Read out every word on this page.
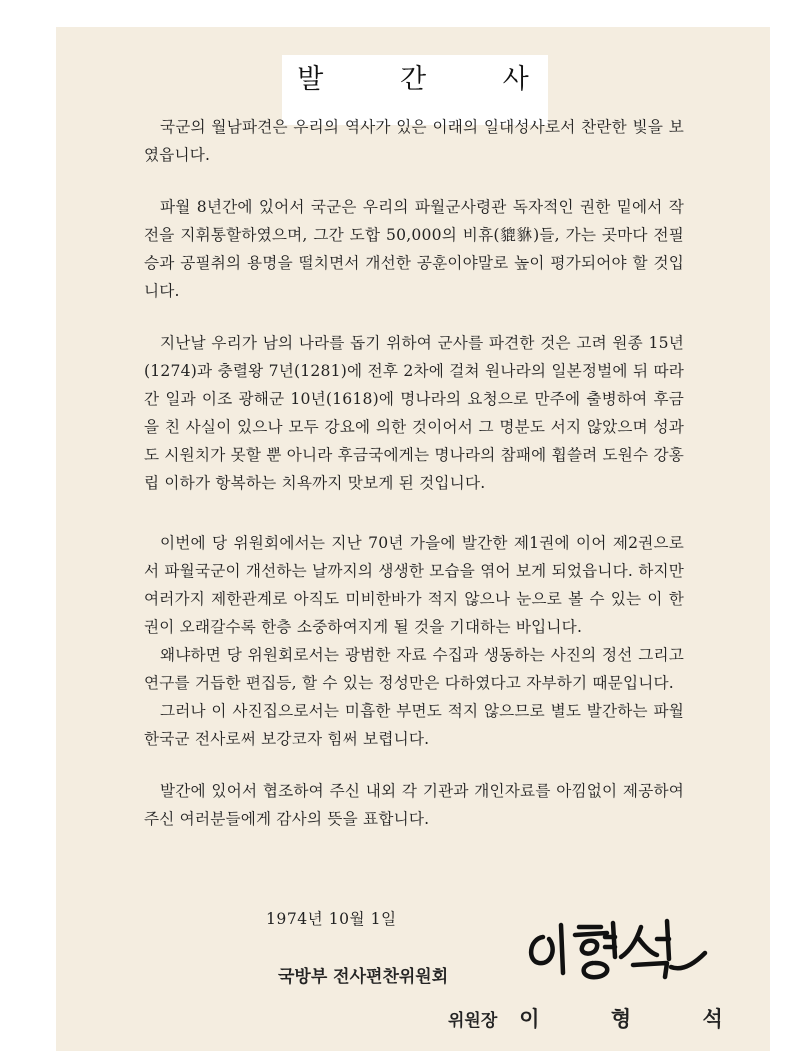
발 간 사

국군의 월남파견은 우리의 역사가 있은 이래의 일대성사로서 찬란한 빛을 보였읍니다.

파월 8년간에 있어서 국군은 우리의 파월군사령관 독자적인 권한 밑에서 작전을 지휘통할하였으며, 그간 도합 50,000의 비휴(貔貅)들, 가는 곳마다 전필승과 공필취의 용명을 떨치면서 개선한 공훈이야말로 높이 평가되어야 할 것입니다.

지난날 우리가 남의 나라를 돕기 위하여 군사를 파견한 것은 고려 원종 15년(1274)과 충렬왕 7년(1281)에 전후 2차에 걸쳐 원나라의 일본정벌에 뒤 따라간 일과 이조 광해군 10년(1618)에 명나라의 요청으로 만주에 출병하여 후금을 친 사실이 있으나 모두 강요에 의한 것이어서 그 명분도 서지 않았으며 성과도 시원치가 못할 뿐 아니라 후금국에게는 명나라의 참패에 휩쓸려 도원수 강홍립 이하가 항복하는 치욕까지 맛보게 된 것입니다.

이번에 당 위원회에서는 지난 70년 가을에 발간한 제1권에 이어 제2권으로서 파월국군이 개선하는 날까지의 생생한 모습을 엮어 보게 되었읍니다. 하지만 여러가지 제한관계로 아직도 미비한바가 적지 않으나 눈으로 볼 수 있는 이 한권이 오래갈수록 한층 소중하여지게 될 것을 기대하는 바입니다.

왜냐하면 당 위원회로서는 광범한 자료 수집과 생동하는 사진의 정선 그리고 연구를 거듭한 편집등, 할 수 있는 정성만은 다하였다고 자부하기 때문입니다.

그러나 이 사진집으로서는 미흡한 부면도 적지 않으므로 별도 발간하는 파월한국군 전사로써 보강코자 힘써 보렵니다.

발간에 있어서 협조하여 주신 내외 각 기관과 개인자료를 아낌없이 제공하여 주신 여러분들에게 감사의 뜻을 표합니다.

1974년 10월 1일
국방부 전사편찬위원회
위원장 이 형 석
